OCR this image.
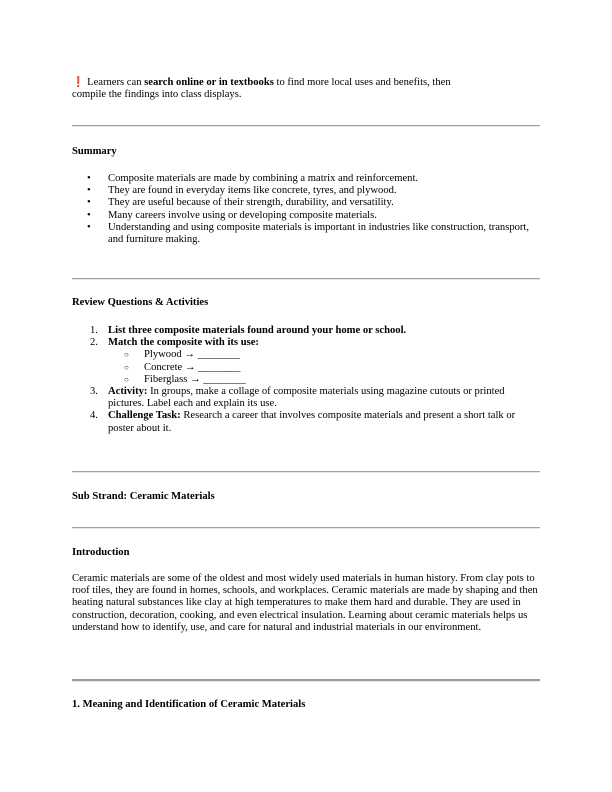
❗ Learners can search online or in textbooks to find more local uses and benefits, then
compile the findings into class displays.

Summary
• Composite materials are made by combining a matrix and reinforcement.
• They are found in everyday items like concrete, tyres, and plywood.
• They are useful because of their strength, durability, and versatility.
• Many careers involve using or developing composite materials.
• Understanding and using composite materials is important in industries like construction, transport, and furniture making.
Review Questions & Activities
1. List three composite materials found around your home or school.
2. Match the composite with its use:
○ Plywood → ________
○ Concrete → ________
○ Fiberglass → ________
3. Activity: In groups, make a collage of composite materials using magazine cutouts or printed pictures. Label each and explain its use.
4. Challenge Task: Research a career that involves composite materials and present a short talk or poster about it.
Sub Strand: Ceramic Materials
Introduction

Ceramic materials are some of the oldest and most widely used materials in human history. From clay pots to roof tiles, they are found in homes, schools, and workplaces. Ceramic materials are made by shaping and then heating natural substances like clay at high temperatures to make them hard and durable. They are used in construction, decoration, cooking, and even electrical insulation. Learning about ceramic materials helps us understand how to identify, use, and care for natural and industrial materials in our environment.

1. Meaning and Identification of Ceramic Materials
